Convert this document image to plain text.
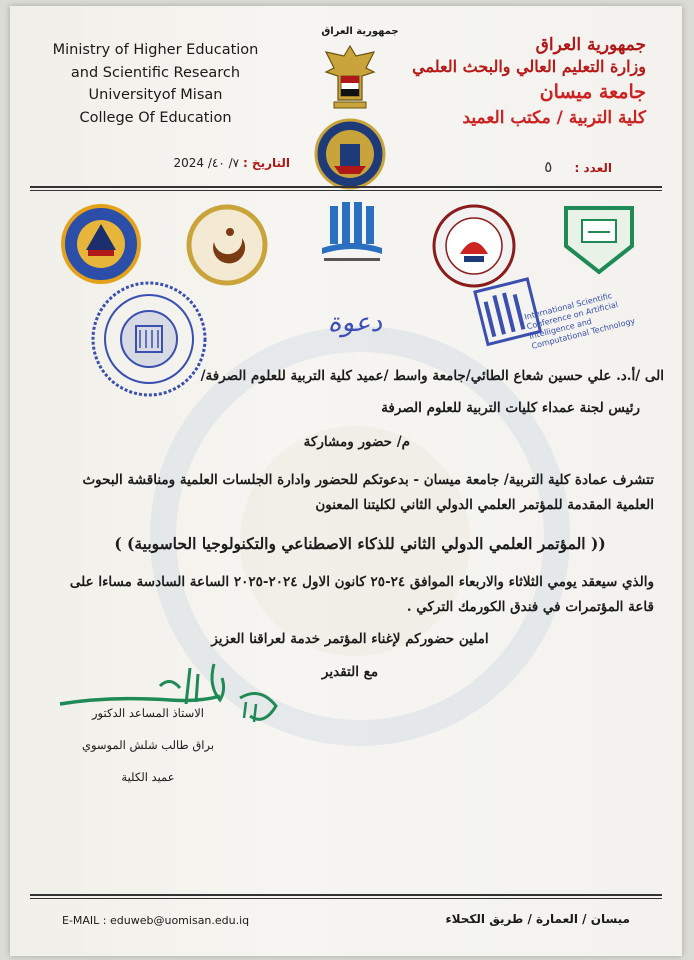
Ministry of Higher Education
and Scientific Research
Universityof Misan
College Of Education
جمهورية العراق
جمهورية العراق
وزارة التعليم العالي والبحث العلمي
جامعة ميسان
كلية التربية / مكتب العميد
التاريخ : ٧/ ٤٠/ 2024	العدد : ٥
International Scientific Conference on Artificial Intelligence and Computational Technology
دعوة
الى /أ.د. علي حسين شعاع الطائي/جامعة واسط /عميد كلية التربية للعلوم الصرفة/
رئيس لجنة عمداء كليات التربية للعلوم الصرفة
م/ حضور ومشاركة
تتشرف عمادة كلية التربية/ جامعة ميسان - بدعوتكم للحضور وادارة الجلسات العلمية ومناقشة البحوث العلمية المقدمة للمؤتمر العلمي الدولي الثاني لكليتنا المعنون
(( المؤتمر العلمي الدولي الثاني للذكاء الاصطناعي والتكنولوجيا الحاسوبية) )
والذي سيعقد يومي الثلاثاء والاربعاء الموافق ٢٤-٢٥ كانون الاول ٢٠٢٤-٢٠٢٥ الساعة السادسة مساءا على قاعة المؤتمرات في فندق الكورمك التركي .
املين حضوركم لإغناء المؤتمر خدمة لعراقنا العزيز
مع التقدير
الاستاذ المساعد الدكتور
براق طالب شلش الموسوي
عميد الكلية
E-MAIL : eduweb@uomisan.edu.iq	ميسان / العمارة / طريق الكحلاء
